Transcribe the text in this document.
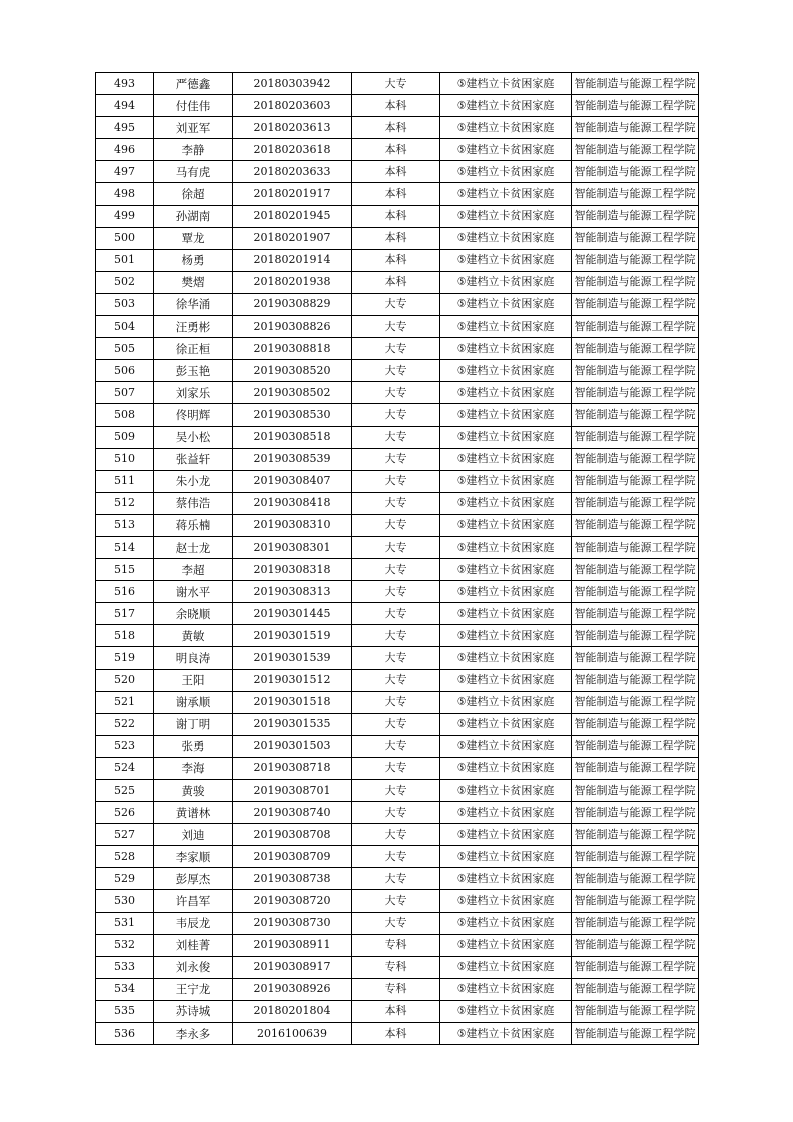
493	严德鑫	20180303942	大专	⑤建档立卡贫困家庭	智能制造与能源工程学院
494	付佳伟	20180203603	本科	⑤建档立卡贫困家庭	智能制造与能源工程学院
495	刘亚军	20180203613	本科	⑤建档立卡贫困家庭	智能制造与能源工程学院
496	李静	20180203618	本科	⑤建档立卡贫困家庭	智能制造与能源工程学院
497	马有虎	20180203633	本科	⑤建档立卡贫困家庭	智能制造与能源工程学院
498	徐超	20180201917	本科	⑤建档立卡贫困家庭	智能制造与能源工程学院
499	孙湖南	20180201945	本科	⑤建档立卡贫困家庭	智能制造与能源工程学院
500	覃龙	20180201907	本科	⑤建档立卡贫困家庭	智能制造与能源工程学院
501	杨勇	20180201914	本科	⑤建档立卡贫困家庭	智能制造与能源工程学院
502	樊熠	20180201938	本科	⑤建档立卡贫困家庭	智能制造与能源工程学院
503	徐华涌	20190308829	大专	⑤建档立卡贫困家庭	智能制造与能源工程学院
504	汪勇彬	20190308826	大专	⑤建档立卡贫困家庭	智能制造与能源工程学院
505	徐正桓	20190308818	大专	⑤建档立卡贫困家庭	智能制造与能源工程学院
506	彭玉艳	20190308520	大专	⑤建档立卡贫困家庭	智能制造与能源工程学院
507	刘家乐	20190308502	大专	⑤建档立卡贫困家庭	智能制造与能源工程学院
508	佟明辉	20190308530	大专	⑤建档立卡贫困家庭	智能制造与能源工程学院
509	吴小松	20190308518	大专	⑤建档立卡贫困家庭	智能制造与能源工程学院
510	张益轩	20190308539	大专	⑤建档立卡贫困家庭	智能制造与能源工程学院
511	朱小龙	20190308407	大专	⑤建档立卡贫困家庭	智能制造与能源工程学院
512	蔡伟浩	20190308418	大专	⑤建档立卡贫困家庭	智能制造与能源工程学院
513	蒋乐楠	20190308310	大专	⑤建档立卡贫困家庭	智能制造与能源工程学院
514	赵士龙	20190308301	大专	⑤建档立卡贫困家庭	智能制造与能源工程学院
515	李超	20190308318	大专	⑤建档立卡贫困家庭	智能制造与能源工程学院
516	谢水平	20190308313	大专	⑤建档立卡贫困家庭	智能制造与能源工程学院
517	余晓顺	20190301445	大专	⑤建档立卡贫困家庭	智能制造与能源工程学院
518	黄敏	20190301519	大专	⑤建档立卡贫困家庭	智能制造与能源工程学院
519	明良涛	20190301539	大专	⑤建档立卡贫困家庭	智能制造与能源工程学院
520	王阳	20190301512	大专	⑤建档立卡贫困家庭	智能制造与能源工程学院
521	谢承顺	20190301518	大专	⑤建档立卡贫困家庭	智能制造与能源工程学院
522	谢丁明	20190301535	大专	⑤建档立卡贫困家庭	智能制造与能源工程学院
523	张勇	20190301503	大专	⑤建档立卡贫困家庭	智能制造与能源工程学院
524	李海	20190308718	大专	⑤建档立卡贫困家庭	智能制造与能源工程学院
525	黄骏	20190308701	大专	⑤建档立卡贫困家庭	智能制造与能源工程学院
526	黄谱林	20190308740	大专	⑤建档立卡贫困家庭	智能制造与能源工程学院
527	刘迪	20190308708	大专	⑤建档立卡贫困家庭	智能制造与能源工程学院
528	李家顺	20190308709	大专	⑤建档立卡贫困家庭	智能制造与能源工程学院
529	彭厚杰	20190308738	大专	⑤建档立卡贫困家庭	智能制造与能源工程学院
530	许昌军	20190308720	大专	⑤建档立卡贫困家庭	智能制造与能源工程学院
531	韦辰龙	20190308730	大专	⑤建档立卡贫困家庭	智能制造与能源工程学院
532	刘桂菁	20190308911	专科	⑤建档立卡贫困家庭	智能制造与能源工程学院
533	刘永俊	20190308917	专科	⑤建档立卡贫困家庭	智能制造与能源工程学院
534	王宁龙	20190308926	专科	⑤建档立卡贫困家庭	智能制造与能源工程学院
535	苏诗城	20180201804	本科	⑤建档立卡贫困家庭	智能制造与能源工程学院
536	李永多	2016100639	本科	⑤建档立卡贫困家庭	智能制造与能源工程学院
